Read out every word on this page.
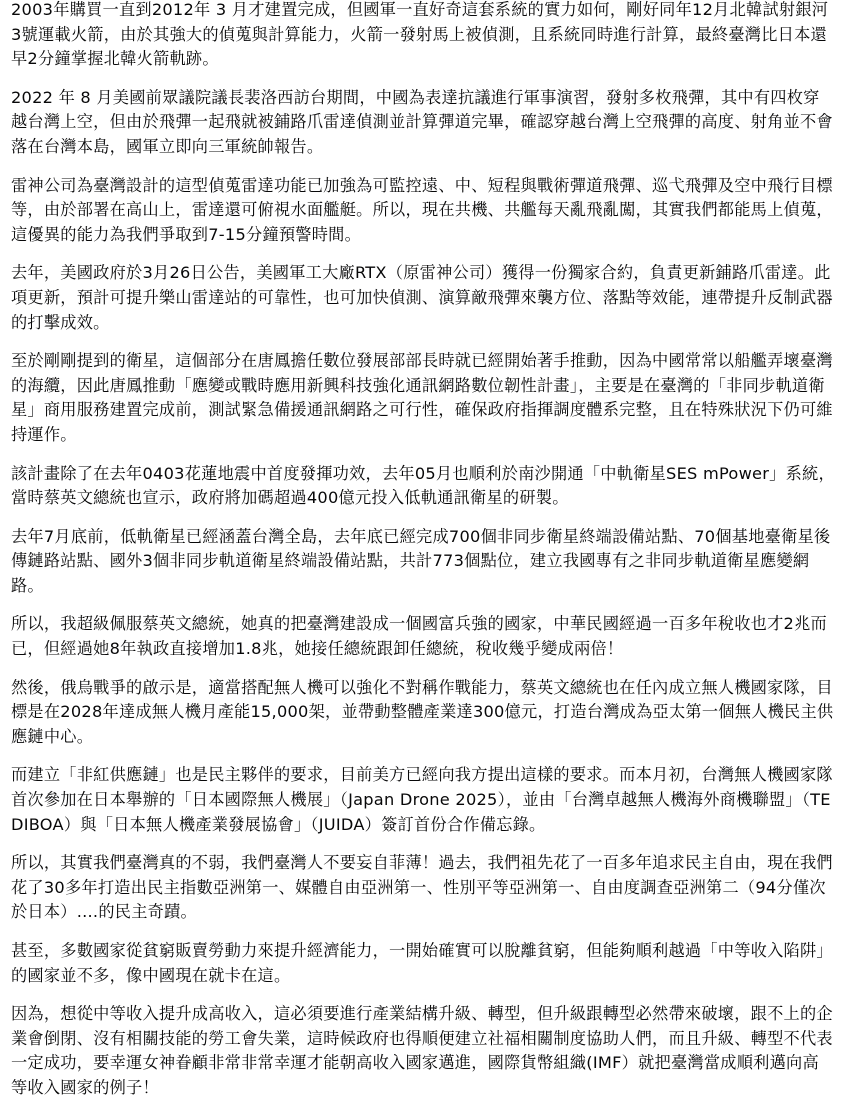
2003年購買一直到2012年 3 月才建置完成，但國軍一直好奇這套系統的實力如何，剛好同年12月北韓試射銀河3號運載火箭，由於其強大的偵蒐與計算能力，火箭一發射馬上被偵測，且系統同時進行計算，最終臺灣比日本還早2分鐘掌握北韓火箭軌跡。

2022 年 8 月美國前眾議院議長裴洛西訪台期間，中國為表達抗議進行軍事演習，發射多枚飛彈，其中有四枚穿越台灣上空，但由於飛彈一起飛就被鋪路爪雷達偵測並計算彈道完畢，確認穿越台灣上空飛彈的高度、射角並不會落在台灣本島，國軍立即向三軍統帥報告。

雷神公司為臺灣設計的這型偵蒐雷達功能已加強為可監控遠、中、短程與戰術彈道飛彈、巡弋飛彈及空中飛行目標等，由於部署在高山上，雷達還可俯視水面艦艇。所以，現在共機、共艦每天亂飛亂闖，其實我們都能馬上偵蒐，這優異的能力為我們爭取到7-15分鐘預警時間。

去年，美國政府於3月26日公告，美國軍工大廠RTX（原雷神公司）獲得一份獨家合約，負責更新鋪路爪雷達。此項更新，預計可提升樂山雷達站的可靠性，也可加快偵測、演算敵飛彈來襲方位、落點等效能，連帶提升反制武器的打擊成效。

至於剛剛提到的衛星，這個部分在唐鳳擔任數位發展部部長時就已經開始著手推動，因為中國常常以船艦弄壞臺灣的海纜，因此唐鳳推動「應變或戰時應用新興科技強化通訊網路數位韌性計畫」，主要是在臺灣的「非同步軌道衛星」商用服務建置完成前，測試緊急備援通訊網路之可行性，確保政府指揮調度體系完整，且在特殊狀況下仍可維持運作。

該計畫除了在去年0403花蓮地震中首度發揮功效，去年05月也順利於南沙開通「中軌衛星SES mPower」系統，當時蔡英文總統也宣示，政府將加碼超過400億元投入低軌通訊衛星的研製。

去年7月底前，低軌衛星已經涵蓋台灣全島，去年底已經完成700個非同步衛星終端設備站點、70個基地臺衛星後傳鏈路站點、國外3個非同步軌道衛星終端設備站點，共計773個點位，建立我國專有之非同步軌道衛星應變網路。

所以，我超級佩服蔡英文總統，她真的把臺灣建設成一個國富兵強的國家，中華民國經過一百多年稅收也才2兆而已，但經過她8年執政直接增加1.8兆，她接任總統跟卸任總統，稅收幾乎變成兩倍！

然後，俄烏戰爭的啟示是，適當搭配無人機可以強化不對稱作戰能力，蔡英文總統也在任內成立無人機國家隊，目標是在2028年達成無人機月產能15,000架，並帶動整體產業達300億元，打造台灣成為亞太第一個無人機民主供應鏈中心。

而建立「非紅供應鏈」也是民主夥伴的要求，目前美方已經向我方提出這樣的要求。而本月初，台灣無人機國家隊首次參加在日本舉辦的「日本國際無人機展」（Japan Drone 2025），並由「台灣卓越無人機海外商機聯盟」（TEDIBOA）與「日本無人機產業發展協會」（JUIDA）簽訂首份合作備忘錄。

所以，其實我們臺灣真的不弱，我們臺灣人不要妄自菲薄！過去，我們祖先花了一百多年追求民主自由，現在我們花了30多年打造出民主指數亞洲第一、媒體自由亞洲第一、性別平等亞洲第一、自由度調查亞洲第二（94分僅次於日本）....的民主奇蹟。

甚至，多數國家從貧窮販賣勞動力來提升經濟能力，一開始確實可以脫離貧窮，但能夠順利越過「中等收入陷阱」的國家並不多，像中國現在就卡在這。

因為，想從中等收入提升成高收入，這必須要進行產業結構升級、轉型，但升級跟轉型必然帶來破壞，跟不上的企業會倒閉、沒有相關技能的勞工會失業，這時候政府也得順便建立社福相關制度協助人們，而且升級、轉型不代表一定成功，要幸運女神眷顧非常非常幸運才能朝高收入國家邁進，國際貨幣組織(IMF）就把臺灣當成順利邁向高等收入國家的例子！
